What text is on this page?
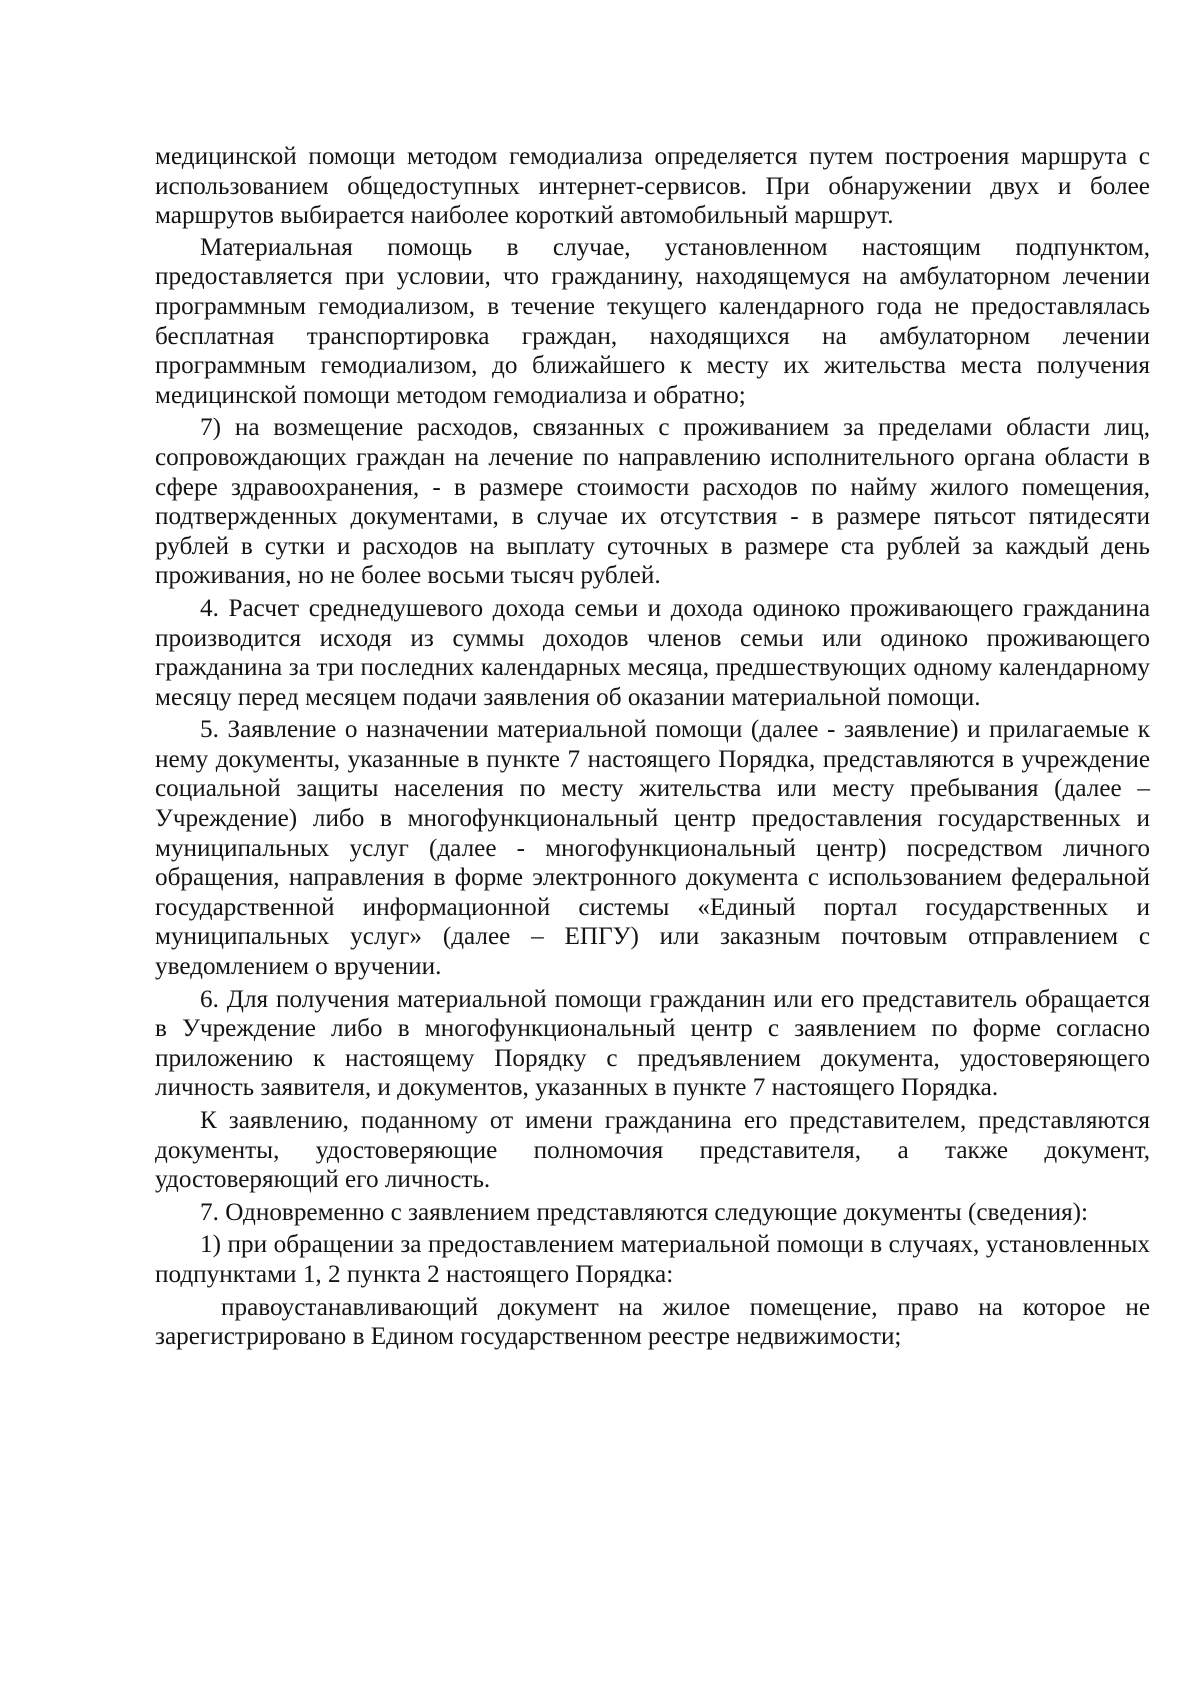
медицинской помощи методом гемодиализа определяется путем построения маршрута с использованием общедоступных интернет-сервисов. При обнаружении двух и более маршрутов выбирается наиболее короткий автомобильный маршрут.

Материальная помощь в случае, установленном настоящим подпунктом, предоставляется при условии, что гражданину, находящемуся на амбулаторном лечении программным гемодиализом, в течение текущего календарного года не предоставлялась бесплатная транспортировка граждан, находящихся на амбулаторном лечении программным гемодиализом, до ближайшего к месту их жительства места получения медицинской помощи методом гемодиализа и обратно;

7) на возмещение расходов, связанных с проживанием за пределами области лиц, сопровождающих граждан на лечение по направлению исполнительного органа области в сфере здравоохранения, - в размере стоимости расходов по найму жилого помещения, подтвержденных документами, в случае их отсутствия - в размере пятьсот пятидесяти рублей в сутки и расходов на выплату суточных в размере ста рублей за каждый день проживания, но не более восьми тысяч рублей.

4. Расчет среднедушевого дохода семьи и дохода одиноко проживающего гражданина производится исходя из суммы доходов членов семьи или одиноко проживающего гражданина за три последних календарных месяца, предшествующих одному календарному месяцу перед месяцем подачи заявления об оказании материальной помощи.

5. Заявление о назначении материальной помощи (далее - заявление) и прилагаемые к нему документы, указанные в пункте 7 настоящего Порядка, представляются в учреждение социальной защиты населения по месту жительства или месту пребывания (далее – Учреждение) либо в многофункциональный центр предоставления государственных и муниципальных услуг (далее - многофункциональный центр) посредством личного обращения, направления в форме электронного документа с использованием федеральной государственной информационной системы «Единый портал государственных и муниципальных услуг» (далее – ЕПГУ) или заказным почтовым отправлением с уведомлением о вручении.

6. Для получения материальной помощи гражданин или его представитель обращается в Учреждение либо в многофункциональный центр с заявлением по форме согласно приложению к настоящему Порядку с предъявлением документа, удостоверяющего личность заявителя, и документов, указанных в пункте 7 настоящего Порядка.

К заявлению, поданному от имени гражданина его представителем, представляются документы, удостоверяющие полномочия представителя, а также документ, удостоверяющий его личность.

7. Одновременно с заявлением представляются следующие документы (сведения):

1) при обращении за предоставлением материальной помощи в случаях, установленных подпунктами 1, 2 пункта 2 настоящего Порядка:

правоустанавливающий документ на жилое помещение, право на которое не зарегистрировано в Едином государственном реестре недвижимости;
